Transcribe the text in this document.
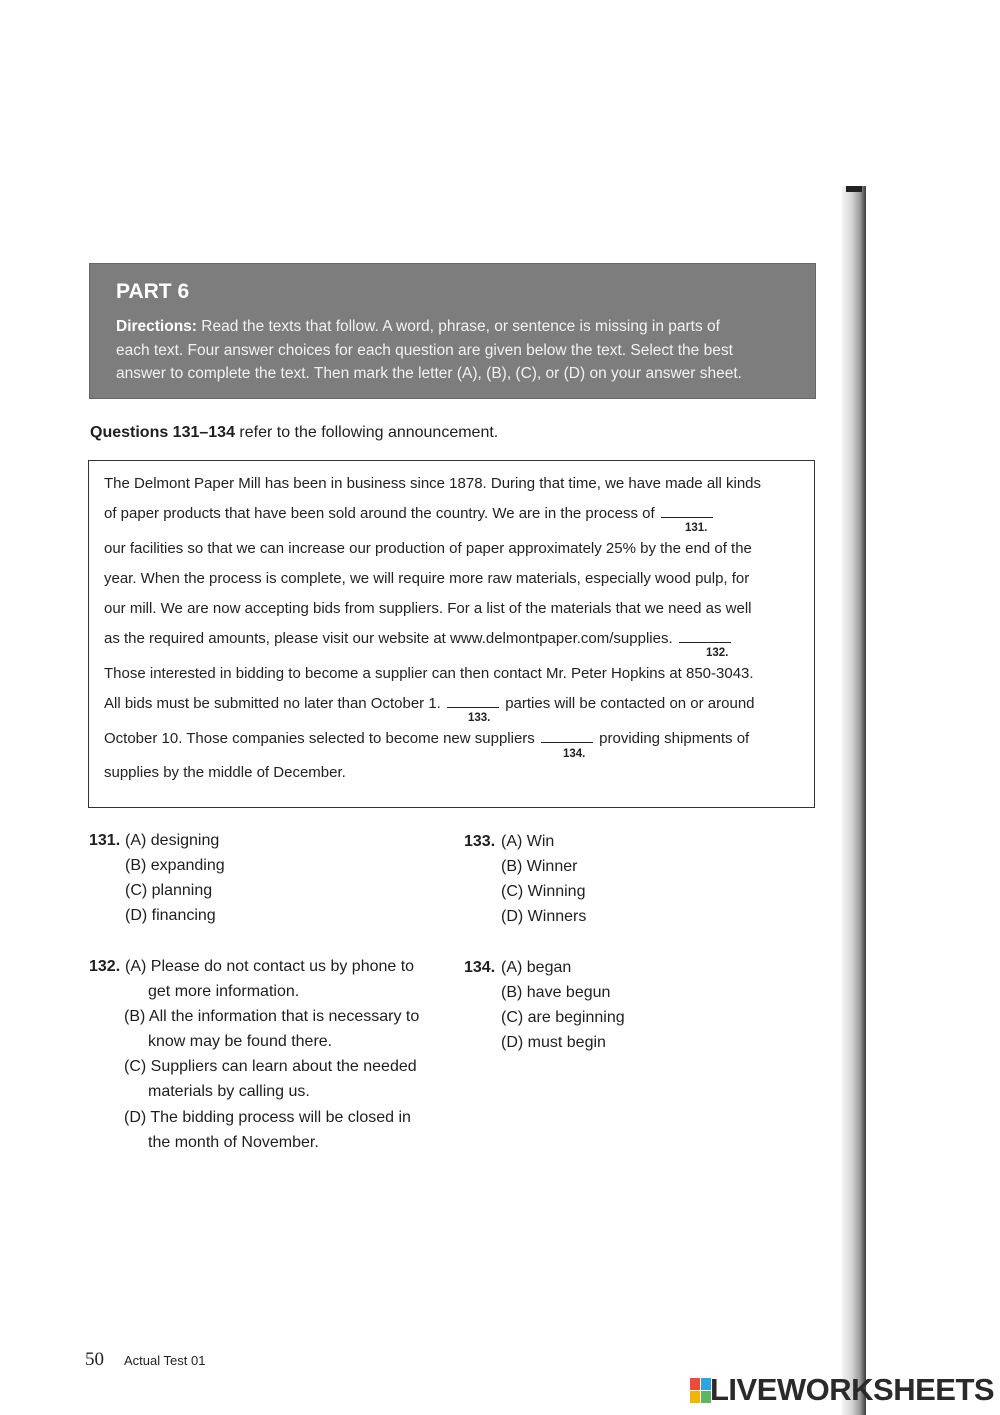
PART 6
Directions: Read the texts that follow. A word, phrase, or sentence is missing in parts of
each text. Four answer choices for each question are given below the text. Select the best
answer to complete the text. Then mark the letter (A), (B), (C), or (D) on your answer sheet.
Questions 131–134 refer to the following announcement.
The Delmont Paper Mill has been in business since 1878. During that time, we have made all kinds
of paper products that have been sold around the country. We are in the process of
131.
our facilities so that we can increase our production of paper approximately 25% by the end of the
year. When the process is complete, we will require more raw materials, especially wood pulp, for
our mill. We are now accepting bids from suppliers. For a list of the materials that we need as well
as the required amounts, please visit our website at www.delmontpaper.com/supplies.
132.
Those interested in bidding to become a supplier can then contact Mr. Peter Hopkins at 850-3043.
All bids must be submitted no later than October 1.	parties will be contacted on or around
133.
October 10. Those companies selected to become new suppliers	providing shipments of
134.
supplies by the middle of December.
131. (A) designing
(B) expanding
(C) planning
(D) financing
133. (A) Win
(B) Winner
(C) Winning
(D) Winners
132. (A) Please do not contact us by phone to
get more information.
(B) All the information that is necessary to
know may be found there.
(C) Suppliers can learn about the needed
materials by calling us.
(D) The bidding process will be closed in
the month of November.
134. (A) began
(B) have begun
(C) are beginning
(D) must begin
50 Actual Test 01
LIVEWORKSHEETS
